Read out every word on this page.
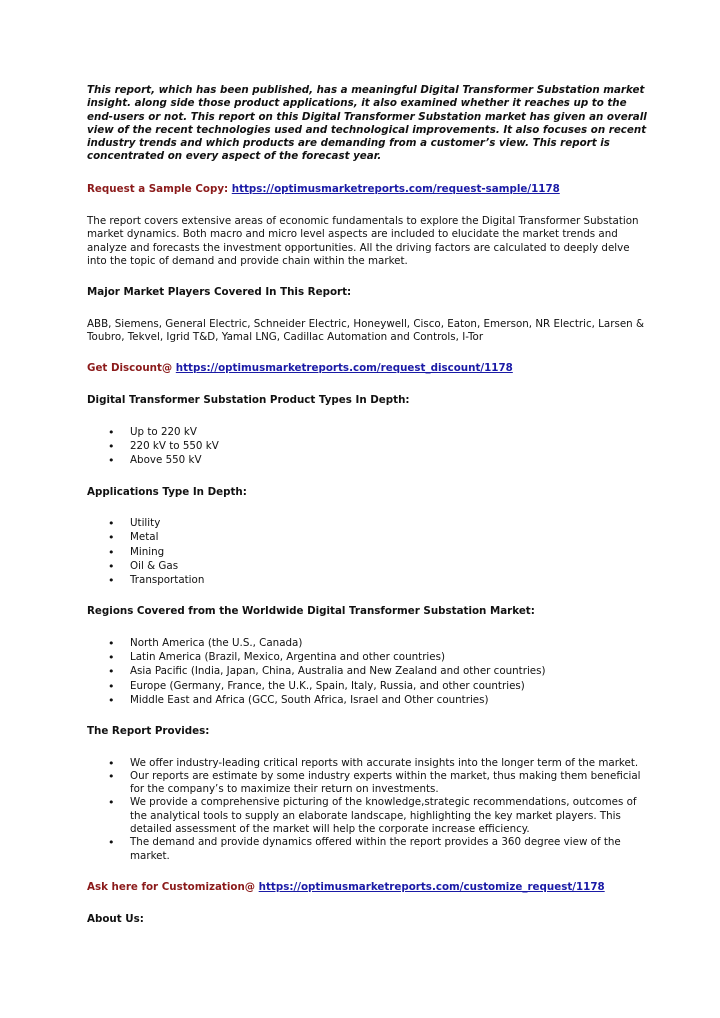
This report, which has been published, has a meaningful Digital Transformer Substation market insight. along side those product applications, it also examined whether it reaches up to the end-users or not. This report on this Digital Transformer Substation market has given an overall view of the recent technologies used and technological improvements. It also focuses on recent industry trends and which products are demanding from a customer’s view. This report is concentrated on every aspect of the forecast year.

Request a Sample Copy: https://optimusmarketreports.com/request-sample/1178

The report covers extensive areas of economic fundamentals to explore the Digital Transformer Substation market dynamics. Both macro and micro level aspects are included to elucidate the market trends and analyze and forecasts the investment opportunities. All the driving factors are calculated to deeply delve into the topic of demand and provide chain within the market.

Major Market Players Covered In This Report:

ABB, Siemens, General Electric, Schneider Electric, Honeywell, Cisco, Eaton, Emerson, NR Electric, Larsen & Toubro, Tekvel, Igrid T&D, Yamal LNG, Cadillac Automation and Controls, I-Tor

Get Discount@ https://optimusmarketreports.com/request_discount/1178

Digital Transformer Substation Product Types In Depth:

• Up to 220 kV
• 220 kV to 550 kV
• Above 550 kV

Applications Type In Depth:

• Utility
• Metal
• Mining
• Oil & Gas
• Transportation

Regions Covered from the Worldwide Digital Transformer Substation Market:

• North America (the U.S., Canada)
• Latin America (Brazil, Mexico, Argentina and other countries)
• Asia Pacific (India, Japan, China, Australia and New Zealand and other countries)
• Europe (Germany, France, the U.K., Spain, Italy, Russia, and other countries)
• Middle East and Africa (GCC, South Africa, Israel and Other countries)

The Report Provides:

• We offer industry-leading critical reports with accurate insights into the longer term of the market.
• Our reports are estimate by some industry experts within the market, thus making them beneficial for the company’s to maximize their return on investments.
• We provide a comprehensive picturing of the knowledge,strategic recommendations, outcomes of the analytical tools to supply an elaborate landscape, highlighting the key market players. This detailed assessment of the market will help the corporate increase efficiency.
• The demand and provide dynamics offered within the report provides a 360 degree view of the market.

Ask here for Customization@ https://optimusmarketreports.com/customize_request/1178

About Us:
